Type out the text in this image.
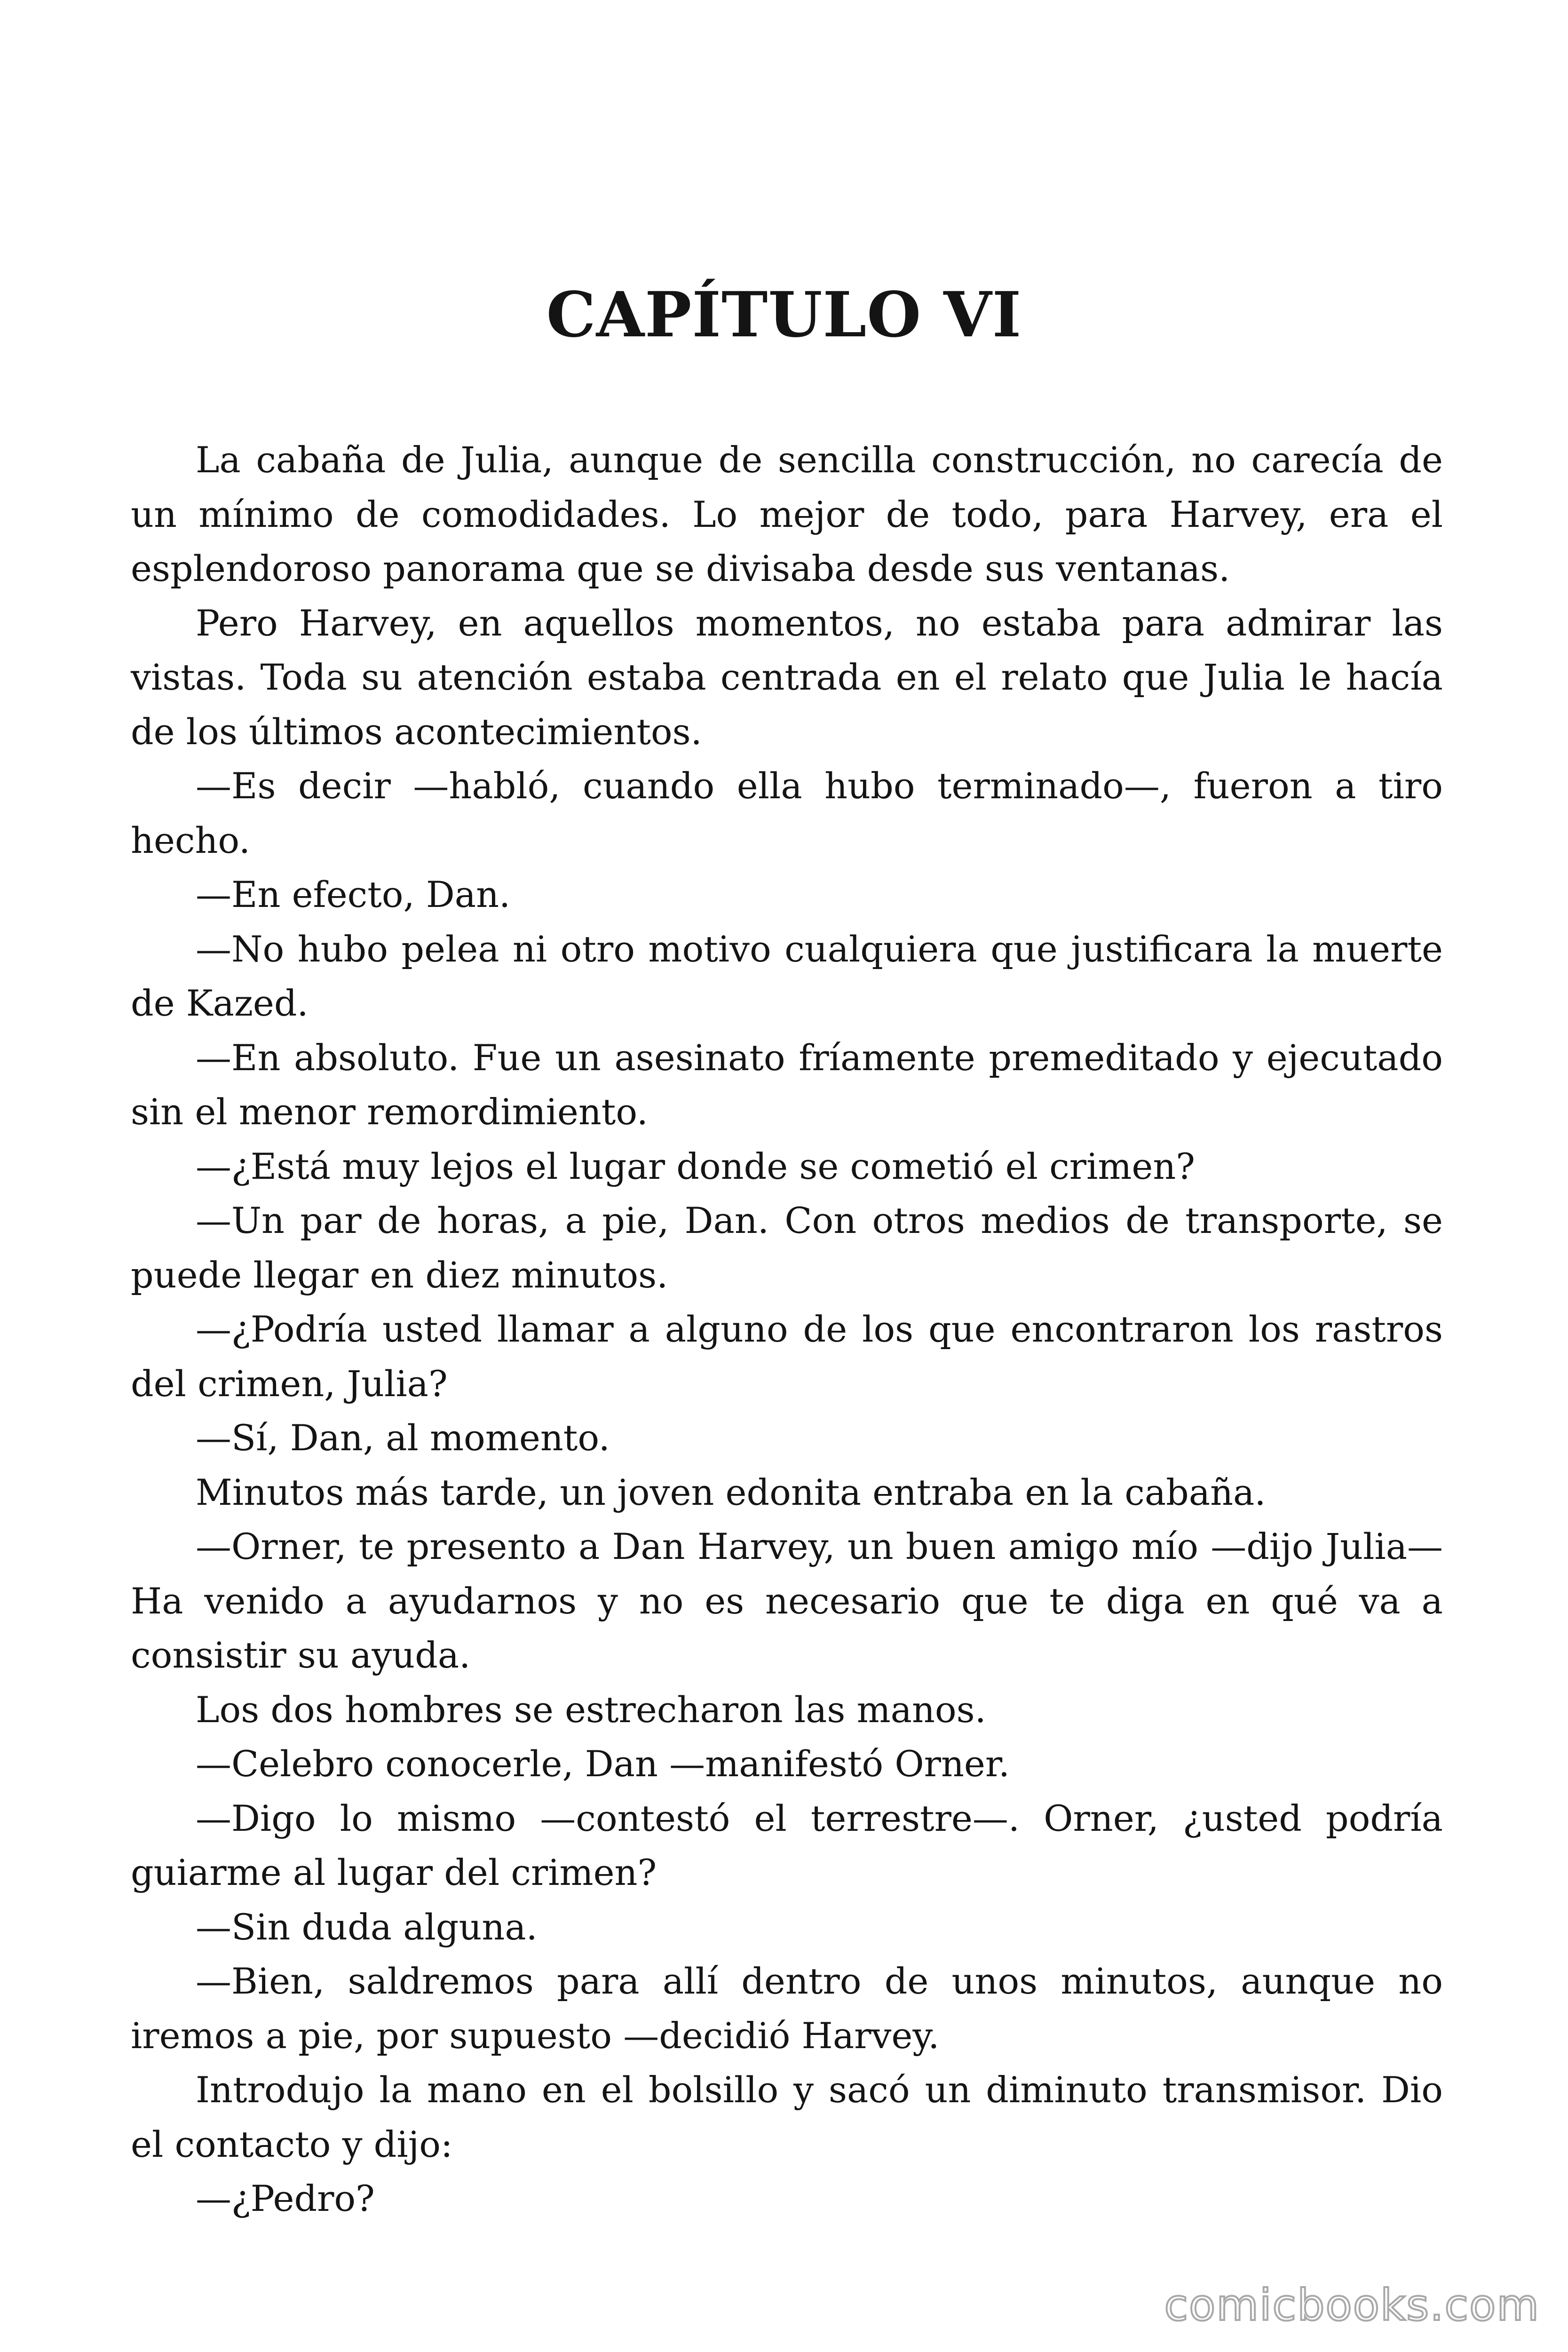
CAPÍTULO VI

La cabaña de Julia, aunque de sencilla construcción, no carecía de un mínimo de comodidades. Lo mejor de todo, para Harvey, era el esplendoroso panorama que se divisaba desde sus ventanas.

Pero Harvey, en aquellos momentos, no estaba para admirar las vistas. Toda su atención estaba centrada en el relato que Julia le hacía de los últimos acontecimientos.

—Es decir —habló, cuando ella hubo terminado—, fueron a tiro hecho.

—En efecto, Dan.

—No hubo pelea ni otro motivo cualquiera que justificara la muerte de Kazed.

—En absoluto. Fue un asesinato fríamente premeditado y ejecutado sin el menor remordimiento.

—¿Está muy lejos el lugar donde se cometió el crimen?

—Un par de horas, a pie, Dan. Con otros medios de transporte, se puede llegar en diez minutos.

—¿Podría usted llamar a alguno de los que encontraron los rastros del crimen, Julia?

—Sí, Dan, al momento.

Minutos más tarde, un joven edonita entraba en la cabaña.

—Orner, te presento a Dan Harvey, un buen amigo mío —dijo Julia— Ha venido a ayudarnos y no es necesario que te diga en qué va a consistir su ayuda.

Los dos hombres se estrecharon las manos.

—Celebro conocerle, Dan —manifestó Orner.

—Digo lo mismo —contestó el terrestre—. Orner, ¿usted podría guiarme al lugar del crimen?

—Sin duda alguna.

—Bien, saldremos para allí dentro de unos minutos, aunque no iremos a pie, por supuesto —decidió Harvey.

Introdujo la mano en el bolsillo y sacó un diminuto transmisor. Dio el contacto y dijo:

—¿Pedro?

comicbooks.com
